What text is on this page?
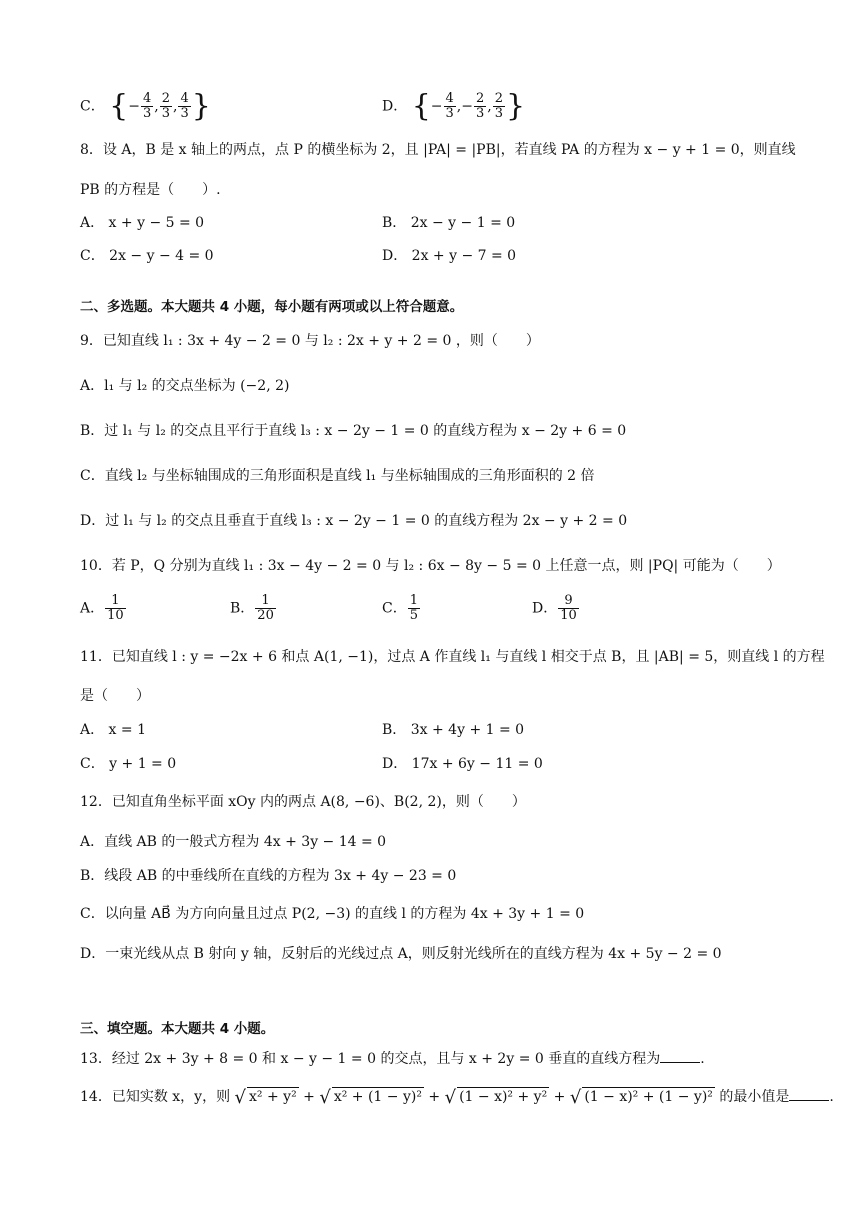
C． {− $\frac{4}{3}$ , $\frac{2}{3}$ , $\frac{4}{3}$ }	D． {− $\frac{4}{3}$ ,− $\frac{2}{3}$ , $\frac{2}{3}$ }
8．设 A，B 是 x 轴上的两点，点 P 的横坐标为 2，且 |PA| = |PB|，若直线 PA 的方程为 x − y + 1 = 0，则直线
PB 的方程是（　　）.
A． x + y − 5 = 0	B． 2x − y − 1 = 0
C． 2x − y − 4 = 0	D． 2x + y − 7 = 0
二、多选题。本大题共 4 小题，每小题有两项或以上符合题意。
9．已知直线 l₁ : 3x + 4y − 2 = 0 与 l₂ : 2x + y + 2 = 0 ，则（　　）
A．l₁ 与 l₂ 的交点坐标为 (−2, 2)
B．过 l₁ 与 l₂ 的交点且平行于直线 l₃ : x − 2y − 1 = 0 的直线方程为 x − 2y + 6 = 0
C．直线 l₂ 与坐标轴围成的三角形面积是直线 l₁ 与坐标轴围成的三角形面积的 2 倍
D．过 l₁ 与 l₂ 的交点且垂直于直线 l₃ : x − 2y − 1 = 0 的直线方程为 2x − y + 2 = 0
10．若 P，Q 分别为直线 l₁ : 3x − 4y − 2 = 0 与 l₂ : 6x − 8y − 5 = 0 上任意一点，则 |PQ| 可能为（　　）
A． $\frac{1}{10}$	B． $\frac{1}{20}$	C． $\frac{1}{5}$	D． $\frac{9}{10}$
11．已知直线 l : y = −2x + 6 和点 A(1, −1)，过点 A 作直线 l₁ 与直线 l 相交于点 B，且 |AB| = 5，则直线 l 的方程
是（　　）
A． x = 1	B． 3x + 4y + 1 = 0
C． y + 1 = 0	D． 17x + 6y − 11 = 0
12．已知直角坐标平面 xOy 内的两点 A(8, −6)、B(2, 2)，则（　　）
A．直线 AB 的一般式方程为 4x + 3y − 14 = 0
B．线段 AB 的中垂线所在直线的方程为 3x + 4y − 23 = 0
C．以向量 AB⃗ 为方向向量且过点 P(2, −3) 的直线 l 的方程为 4x + 3y + 1 = 0
D．一束光线从点 B 射向 y 轴，反射后的光线过点 A，则反射光线所在的直线方程为 4x + 5y − 2 = 0
三、填空题。本大题共 4 小题。
13．经过 2x + 3y + 8 = 0 和 x − y − 1 = 0 的交点，且与 x + 2y = 0 垂直的直线方程为	.
14．已知实数 x，y，则 √ x² + y² + √ x² + (1 − y)² + √ (1 − x)² + y² + √ (1 − x)² + (1 − y)² 的最小值是	.
